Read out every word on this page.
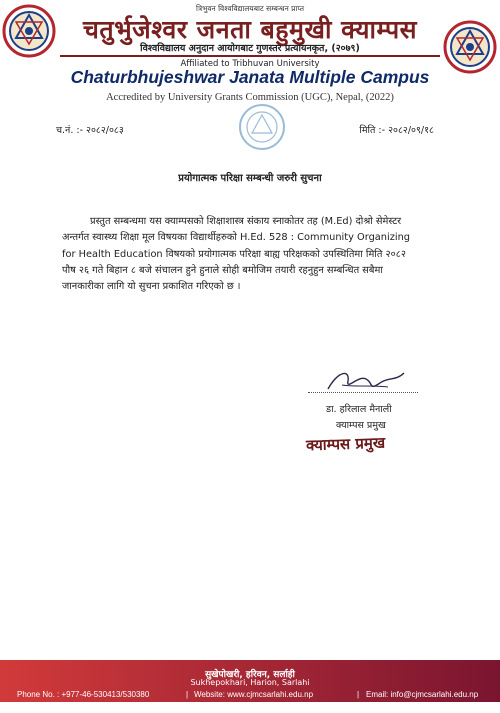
त्रिभुवन विश्वविद्यालयबाट सम्बन्धन प्राप्त
चतुर्भुजेश्वर जनता बहुमुखी क्याम्पस
विश्वविद्यालय अनुदान आयोगबाट गुणस्तर प्रत्यायनकृत, (२०७९)
Affiliated to Tribhuvan University
Chaturbhujeshwar Janata Multiple Campus
Accredited by University Grants Commission (UGC), Nepal, (2022)
च.नं. :- २०८२/०८३	मिति :- २०८२/०९/१८
प्रयोगात्मक परिक्षा सम्बन्धी जरुरी सुचना
प्रस्तुत सम्बन्धमा यस क्याम्पसको शिक्षाशास्त्र संकाय स्नाकोतर तह (M.Ed) दोश्रो सेमेस्टर
अन्तर्गत स्वास्थ्य शिक्षा मूल विषयका विद्यार्थीहरुको H.Ed. 528 : Community Organizing
for Health Education विषयको प्रयोगात्मक परिक्षा बाह्य परिक्षकको उपस्थितिमा मिति २०८२
पौष २६ गते बिहान ८ बजे संचालन हुने हुनाले सोही बमोजिम तयारी रहनुहुन सम्बन्धित सबैमा
जानकारीका लागि यो सुचना प्रकाशित गरिएको छ ।
डा. हरिलाल मैनाली
क्याम्पस प्रमुख
क्याम्पस प्रमुख
सुखेपोखरी, हरिवन, सर्लाही
Sukhepokhari, Harion, Sarlahi
Phone No. : +977-46-530413/530380	| Website: www.cjmcsarlahi.edu.np	| Email: info@cjmcsarlahi.edu.np
